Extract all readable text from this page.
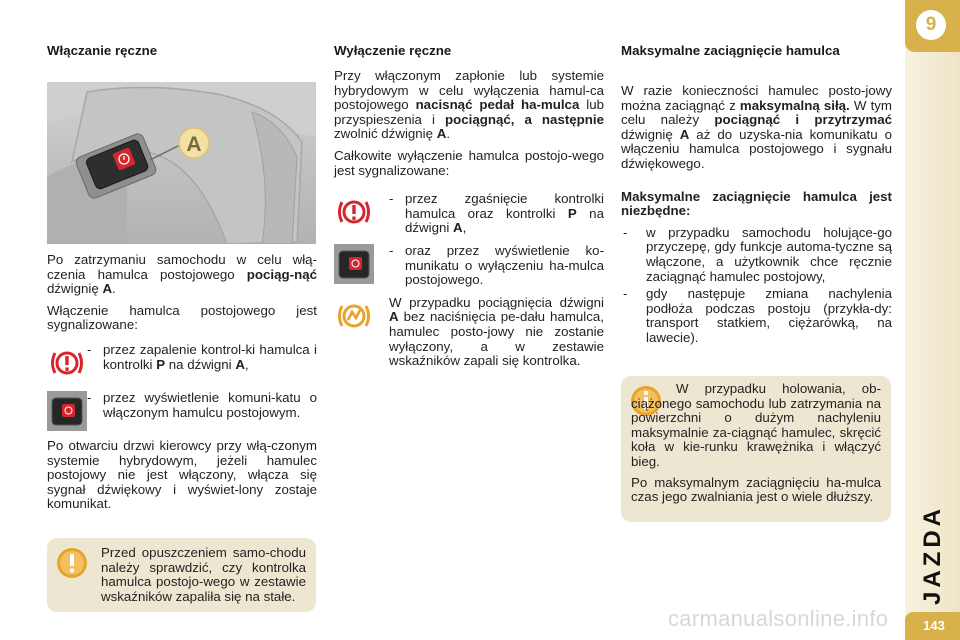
9
JAZDA
143
Włączanie ręczne
A

Po zatrzymaniu samochodu w celu włą-czenia hamulca postojowego pociąg-nąć dźwignię A.

Włączenie hamulca postojowego jest sygnalizowane:

- przez zapalenie kontrol-ki hamulca i kontrolki P na dźwigni A,
- przez wyświetlenie komuni-katu o włączonym hamulcu postojowym.

Po otwarciu drzwi kierowcy przy włą-czonym systemie hybrydowym, jeżeli hamulec postojowy nie jest włączony, włącza się sygnał dźwiękowy i wyświet-lony zostaje komunikat.

Przed opuszczeniem samo-chodu należy sprawdzić, czy kontrolka hamulca postojo-wego w zestawie wskaźników zapaliła się na stałe.

Wyłączenie ręczne

Przy włączonym zapłonie lub systemie hybrydowym w celu wyłączenia hamul-ca postojowego nacisnąć pedał ha-mulca lub przyspieszenia i pociągnąć, a następnie zwolnić dźwignię A.

Całkowite wyłączenie hamulca postojo-wego jest sygnalizowane:

- przez zgaśnięcie kontrolki hamulca oraz kontrolki P na dźwigni A,
- oraz przez wyświetlenie ko-munikatu o wyłączeniu ha-mulca postojowego.
W przypadku pociągnięcia dźwigni A bez naciśnięcia pe-dału hamulca, hamulec posto-jowy nie zostanie wyłączony, a w zestawie wskaźników zapali się kontrolka.
Maksymalne zaciągnięcie hamulca

W razie konieczności hamulec posto-jowy można zaciągnąć z maksymalną siłą. W tym celu należy pociągnąć i przytrzymać dźwignię A aż do uzyska-nia komunikatu o włączeniu hamulca postojowego i sygnału dźwiękowego.

Maksymalne zaciągnięcie hamulca jest niezbędne:

-	w przypadku samochodu holujące-go przyczepę, gdy funkcje automa-tyczne są włączone, a użytkownik chce ręcznie zaciągnąć hamulec postojowy,
-	gdy następuje zmiana nachylenia podłoża podczas postoju (przykła-dy: transport statkiem, ciężarówką, na lawecie).

W przypadku holowania, ob-ciążonego samochodu lub zatrzymania na powierzchni o dużym nachyleniu maksymalnie za-ciągnąć hamulec, skręcić koła w kie-runku krawężnika i włączyć bieg.

Po maksymalnym zaciągnięciu ha-mulca czas jego zwalniania jest o wiele dłuższy.

carmanualsonline.info
